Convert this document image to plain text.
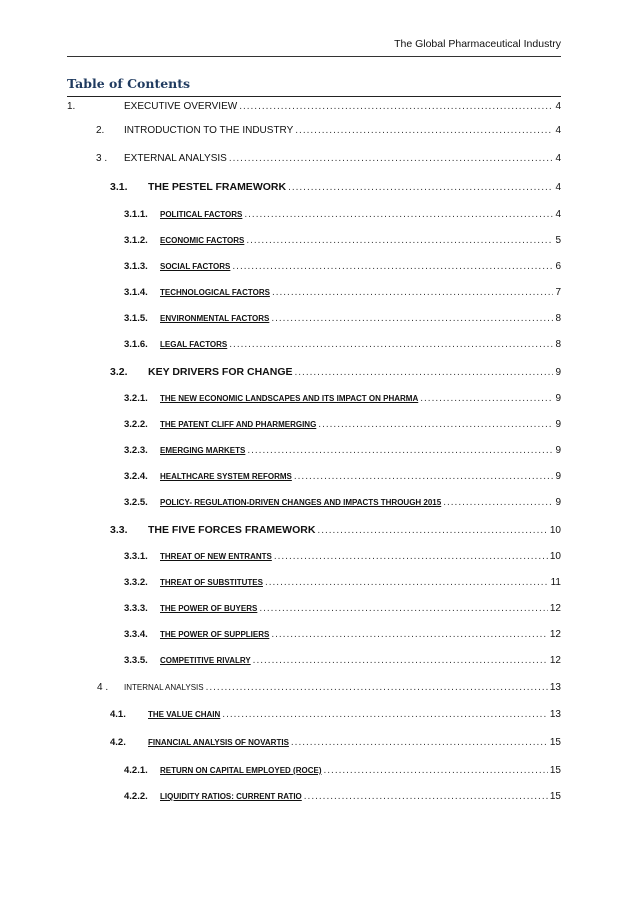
The Global Pharmaceutical Industry
Table of Contents
1.	EXECUTIVE OVERVIEW .....	4
2. INTRODUCTION TO THE INDUSTRY .....	4
3 . EXTERNAL ANALYSIS .....	4
3.1. THE PESTEL FRAMEWORK .....	4
3.1.1. POLITICAL FACTORS .....	4
3.1.2. ECONOMIC FACTORS .....	5
3.1.3. SOCIAL FACTORS .....	6
3.1.4. TECHNOLOGICAL FACTORS .....	7
3.1.5. ENVIRONMENTAL FACTORS .....	8
3.1.6. LEGAL FACTORS .....	8
3.2. KEY DRIVERS FOR CHANGE .....	9
3.2.1. THE NEW ECONOMIC LANDSCAPES AND ITS IMPACT ON PHARMA .....	9
3.2.2. THE PATENT CLIFF AND PHARMERGING .....	9
3.2.3. EMERGING MARKETS .....	9
3.2.4. HEALTHCARE SYSTEM REFORMS .....	9
3.2.5. POLICY- REGULATION-DRIVEN CHANGES AND IMPACTS THROUGH 2015 .....	9
3.3. THE FIVE FORCES FRAMEWORK .....	10
3.3.1. THREAT OF NEW ENTRANTS .....	10
3.3.2. THREAT OF SUBSTITUTES .....	11
3.3.3. THE POWER OF BUYERS .....	12
3.3.4. THE POWER OF SUPPLIERS .....	12
3.3.5. COMPETITIVE RIVALRY .....	12
4 . INTERNAL ANALYSIS .....	13
4.1.	THE VALUE CHAIN .....	13
4.2.	FINANCIAL ANALYSIS OF NOVARTIS .....	15
4.2.1. RETURN ON CAPITAL EMPLOYED (ROCE) .....	15
4.2.2. LIQUIDITY RATIOS: CURRENT RATIO .....	15
